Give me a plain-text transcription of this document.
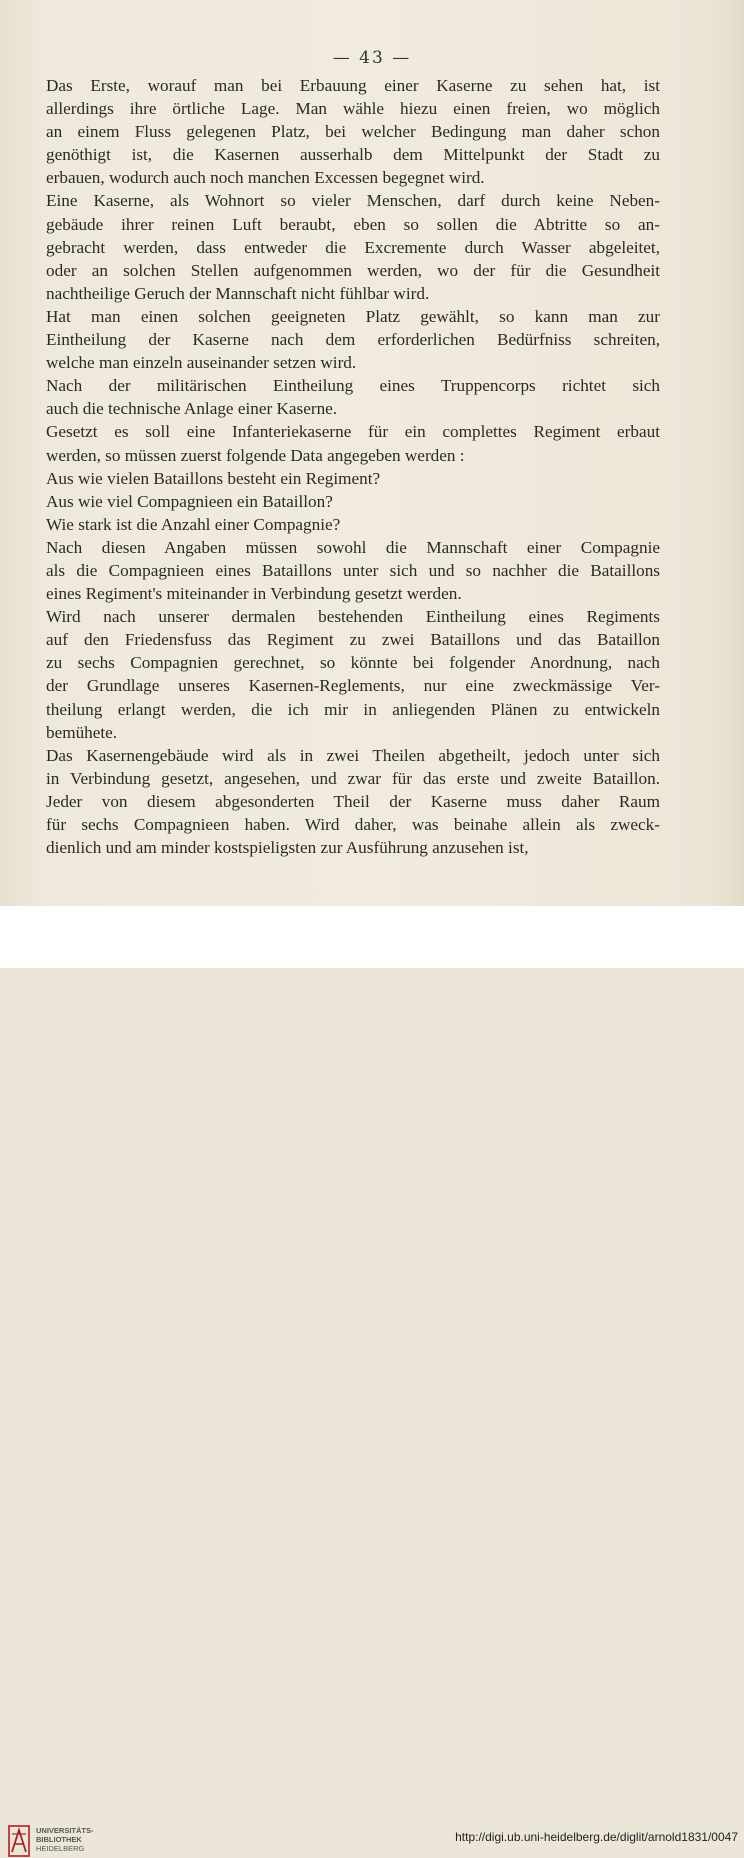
— 43 —
Das Erste, worauf man bei Erbauung einer Kaserne zu sehen hat, ist
allerdings ihre örtliche Lage. Man wähle hiezu einen freien, wo möglich
an einem Fluss gelegenen Platz, bei welcher Bedingung man daher schon
genöthigt ist, die Kasernen ausserhalb dem Mittelpunkt der Stadt zu
erbauen, wodurch auch noch manchen Excessen begegnet wird.
Eine Kaserne, als Wohnort so vieler Menschen, darf durch keine Neben-
gebäude ihrer reinen Luft beraubt, eben so sollen die Abtritte so an-
gebracht werden, dass entweder die Excremente durch Wasser abgeleitet,
oder an solchen Stellen aufgenommen werden, wo der für die Gesundheit
nachtheilige Geruch der Mannschaft nicht fühlbar wird.
Hat man einen solchen geeigneten Platz gewählt, so kann man zur
Eintheilung der Kaserne nach dem erforderlichen Bedürfniss schreiten,
welche man einzeln auseinander setzen wird.
Nach der militärischen Eintheilung eines Truppencorps richtet sich
auch die technische Anlage einer Kaserne.
Gesetzt es soll eine Infanteriekaserne für ein complettes Regiment erbaut
werden, so müssen zuerst folgende Data angegeben werden :
Aus wie vielen Bataillons besteht ein Regiment?
Aus wie viel Compagnieen ein Bataillon?
Wie stark ist die Anzahl einer Compagnie?
Nach diesen Angaben müssen sowohl die Mannschaft einer Compagnie
als die Compagnieen eines Bataillons unter sich und so nachher die Bataillons
eines Regiment's miteinander in Verbindung gesetzt werden.
Wird nach unserer dermalen bestehenden Eintheilung eines Regiments
auf den Friedensfuss das Regiment zu zwei Bataillons und das Bataillon
zu sechs Compagnien gerechnet, so könnte bei folgender Anordnung, nach
der Grundlage unseres Kasernen-Reglements, nur eine zweckmässige Ver-
theilung erlangt werden, die ich mir in anliegenden Plänen zu entwickeln
bemühete.
Das Kasernengebäude wird als in zwei Theilen abgetheilt, jedoch unter sich
in Verbindung gesetzt, angesehen, und zwar für das erste und zweite Bataillon.
Jeder von diesem abgesonderten Theil der Kaserne muss daher Raum
für sechs Compagnieen haben. Wird daher, was beinahe allein als zweck-
dienlich und am minder kostspieligsten zur Ausführung anzusehen ist,
UNIVERSITÄTS-
BIBLIOTHEK
HEIDELBERG
http://digi.ub.uni-heidelberg.de/diglit/arnold1831/0047
